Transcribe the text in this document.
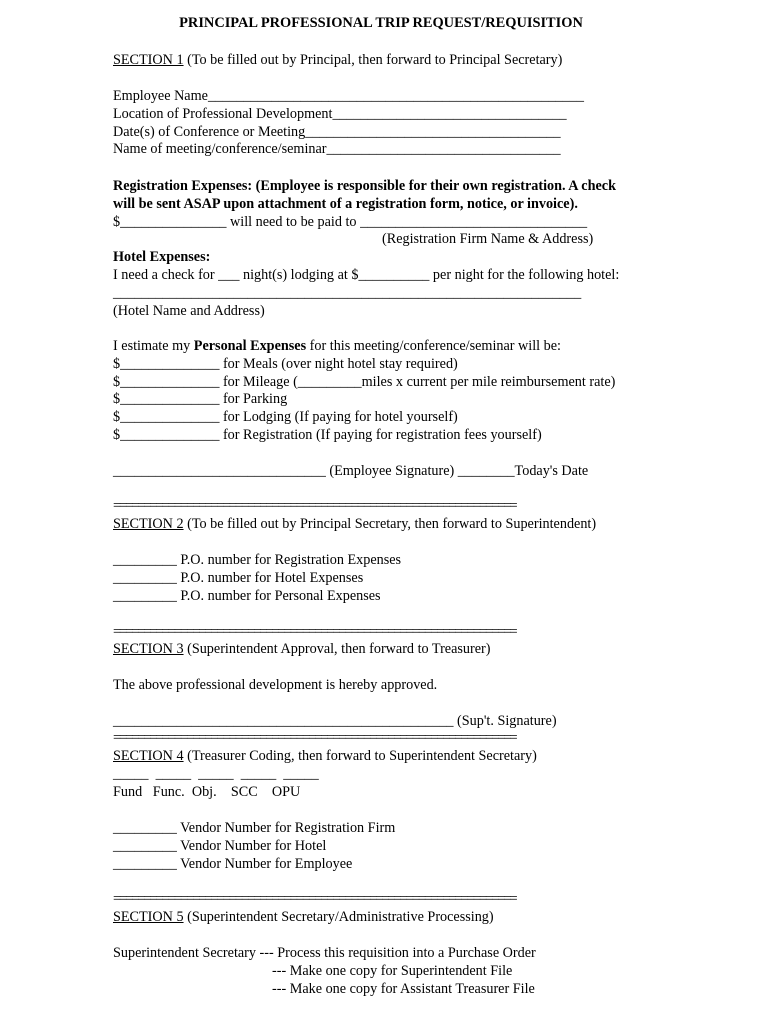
PRINCIPAL PROFESSIONAL TRIP REQUEST/REQUISITION
SECTION 1 (To be filled out by Principal, then forward to Principal Secretary)
Employee Name_____________________________________________________
Location of Professional Development_________________________________
Date(s) of Conference or Meeting____________________________________
Name of meeting/conference/seminar_________________________________
Registration Expenses: (Employee is responsible for their own registration. A check
will be sent ASAP upon attachment of a registration form, notice, or invoice).
$_______________ will need to be paid to ________________________________
(Registration Firm Name & Address)
Hotel Expenses:
I need a check for ___ night(s) lodging at $__________ per night for the following hotel:
__________________________________________________________________
(Hotel Name and Address)
I estimate my Personal Expenses for this meeting/conference/seminar will be:
$______________ for Meals (over night hotel stay required)
$______________ for Mileage (_________miles x current per mile reimbursement rate)
$______________ for Parking
$______________ for Lodging (If paying for hotel yourself)
$______________ for Registration (If paying for registration fees yourself)
______________________________ (Employee Signature) ________Today's Date
==================================================================
SECTION 2 (To be filled out by Principal Secretary, then forward to Superintendent)
_________ P.O. number for Registration Expenses
_________ P.O. number for Hotel Expenses
_________ P.O. number for Personal Expenses
==================================================================
SECTION 3 (Superintendent Approval, then forward to Treasurer)
The above professional development is hereby approved.
________________________________________________ (Sup't. Signature)
==================================================================
SECTION 4 (Treasurer Coding, then forward to Superintendent Secretary)
_____  _____  _____  _____  _____
Fund   Func.  Obj.    SCC    OPU
_________ Vendor Number for Registration Firm
_________ Vendor Number for Hotel
_________ Vendor Number for Employee
==================================================================
SECTION 5 (Superintendent Secretary/Administrative Processing)
Superintendent Secretary --- Process this requisition into a Purchase Order
--- Make one copy for Superintendent File
--- Make one copy for Assistant Treasurer File
